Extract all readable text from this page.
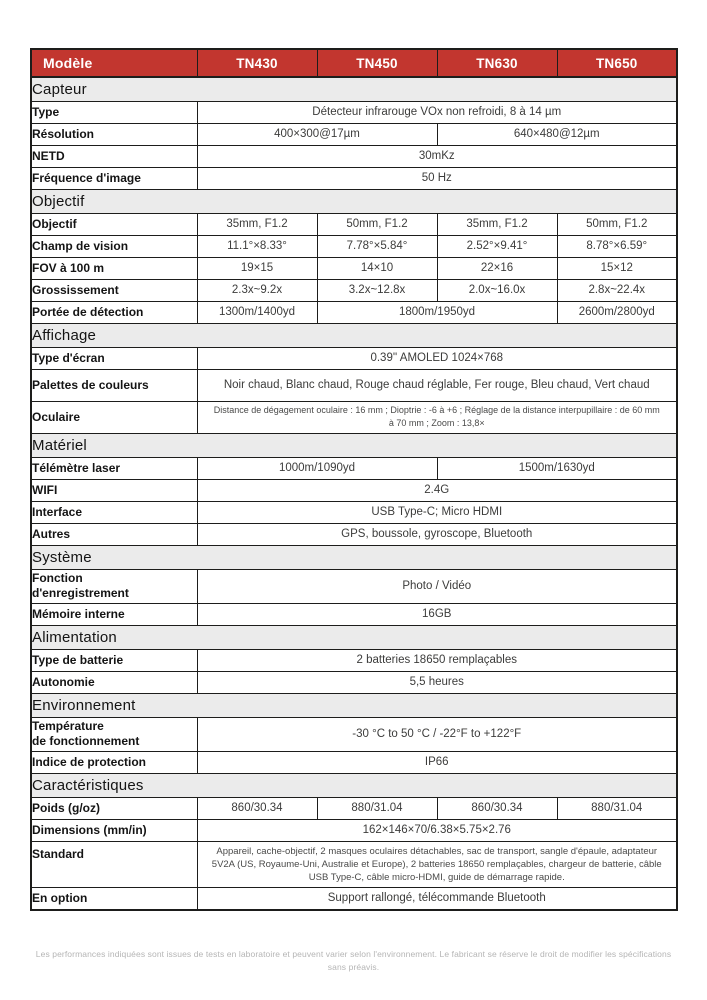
Modèle	TN430	TN450	TN630	TN650
Capteur				
Type	Détecteur infrarouge VOx non refroidi, 8 à 14 µm			
Résolution	400×300@17µm		640×480@12µm	
NETD	30mKz			
Fréquence d'image	50 Hz			
Objectif				
Objectif	35mm, F1.2	50mm, F1.2	35mm, F1.2	50mm, F1.2
Champ de vision	11.1°×8.33°	7.78°×5.84°	2.52°×9.41°	8.78°×6.59°
FOV à 100 m	19×15	14×10	22×16	15×12
Grossissement	2.3x~9.2x	3.2x~12.8x	2.0x~16.0x	2.8x~22.4x
Portée de détection	1300m/1400yd	1800m/1950yd		2600m/2800yd
Affichage				
Type d'écran	0.39'' AMOLED 1024×768			
Palettes de couleurs	Noir chaud, Blanc chaud, Rouge chaud réglable, Fer rouge, Bleu chaud, Vert chaud			
Oculaire	Distance de dégagement oculaire : 16 mm ; Dioptrie : -6 à +6 ; Réglage de la distance interpupillaire : de 60 mm à 70 mm ; Zoom : 13,8×			
Matériel				
Télémètre laser	1000m/1090yd		1500m/1630yd	
WIFI	2.4G			
Interface	USB Type-C; Micro HDMI			
Autres	GPS, boussole, gyroscope, Bluetooth			
Système				
Fonction
d'enregistrement	Photo / Vidéo			
Mémoire interne	16GB			
Alimentation				
Type de batterie	2 batteries 18650 remplaçables			
Autonomie	5,5 heures			
Environnement				
Température
de fonctionnement	-30 °C to 50 °C / -22°F to +122°F			
Indice de protection	IP66			
Caractéristiques				
Poids (g/oz)	860/30.34	880/31.04	860/30.34	880/31.04
Dimensions (mm/in)	162×146×70/6.38×5.75×2.76			
Standard	Appareil, cache-objectif, 2 masques oculaires détachables, sac de transport, sangle d'épaule, adaptateur 5V2A (US, Royaume-Uni, Australie et Europe), 2 batteries 18650 remplaçables, chargeur de batterie, câble USB Type-C, câble micro-HDMI, guide de démarrage rapide.			
En option	Support rallongé, télécommande Bluetooth			
Les performances indiquées sont issues de tests en laboratoire et peuvent varier selon l'environnement. Le fabricant se réserve le droit de modifier les spécifications sans préavis.
